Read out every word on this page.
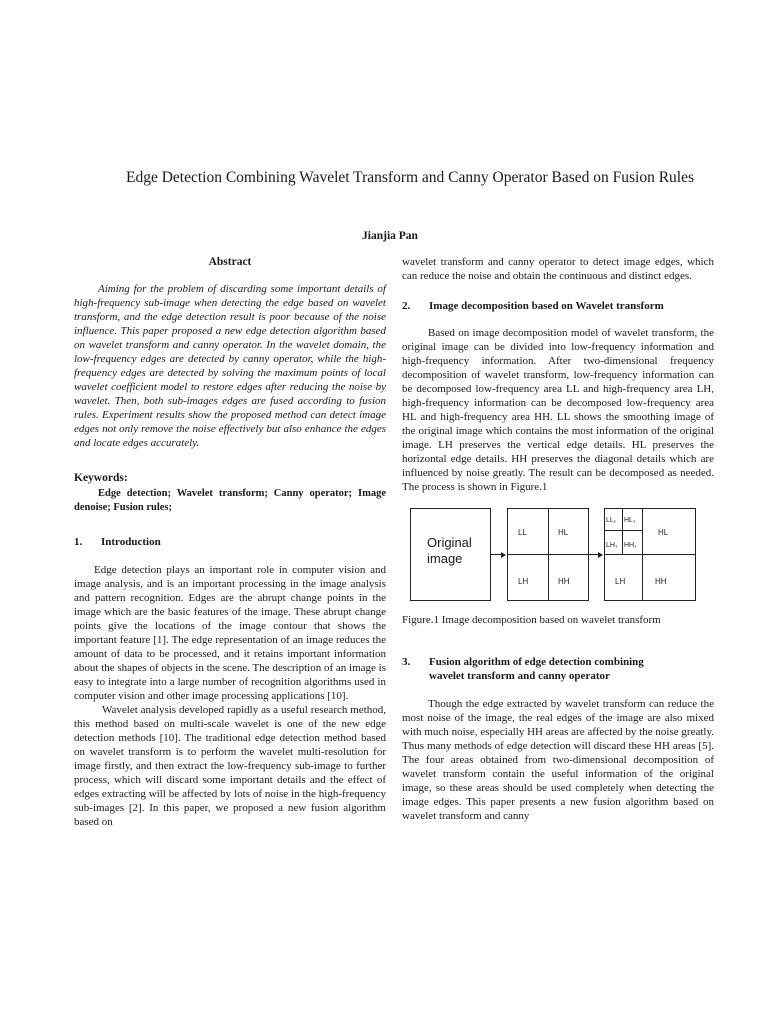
Edge Detection Combining Wavelet Transform and Canny Operator Based on Fusion Rules
Jianjia Pan

Abstract

Aiming for the problem of discarding some important details of high-frequency sub-image when detecting the edge based on wavelet transform, and the edge detection result is poor because of the noise influence. This paper proposed a new edge detection algorithm based on wavelet transform and canny operator. In the wavelet domain, the low-frequency edges are detected by canny operator, while the high-frequency edges are detected by solving the maximum points of local wavelet coefficient model to restore edges after reducing the noise by wavelet. Then, both sub-images edges are fused according to fusion rules. Experiment results show the proposed method can detect image edges not only remove the noise effectively but also enhance the edges and locate edges accurately.

Keywords:

Edge detection; Wavelet transform; Canny operator; Image denoise; Fusion rules;

1.	Introduction

Edge detection plays an important role in computer vision and image analysis, and is an important processing in the image analysis and pattern recognition. Edges are the abrupt change points in the image which are the basic features of the image. These abrupt change points give the locations of the image contour that shows the important feature [1]. The edge representation of an image reduces the amount of data to be processed, and it retains important information about the shapes of objects in the scene. The description of an image is easy to integrate into a large number of recognition algorithms used in computer vision and other image processing applications [10].

Wavelet analysis developed rapidly as a useful research method, this method based on multi-scale wavelet is one of the new edge detection methods [10]. The traditional edge detection method based on wavelet transform is to perform the wavelet multi-resolution for image firstly, and then extract the low-frequency sub-image to further process, which will discard some important details and the effect of edges extracting will be affected by lots of noise in the high-frequency sub-images [2]. In this paper, we proposed a new fusion algorithm based on

wavelet transform and canny operator to detect image edges, which can reduce the noise and obtain the continuous and distinct edges.

2.	Image decomposition based on Wavelet transform

Based on image decomposition model of wavelet transform, the original image can be divided into low-frequency information and high-frequency information. After two-dimensional frequency decomposition of wavelet transform, low-frequency information can be decomposed low-frequency area LL and high-frequency area LH, high-frequency information can be decomposed low-frequency area HL and high-frequency area HH. LL shows the smoothing image of the original image which contains the most information of the original image. LH preserves the vertical edge details. HL preserves the horizontal edge details. HH preserves the diagonal details which are influenced by noise greatly. The result can be decomposed as needed. The process is shown in Figure.1

Original
image
LL	HL
LH	HH
LL₁ HL₁
LH₁ HH₁
HL
LH	HH

Figure.1 Image decomposition based on wavelet transform

3.	Fusion algorithm of edge detection combining
wavelet transform and canny operator

Though the edge extracted by wavelet transform can reduce the most noise of the image, the real edges of the image are also mixed with much noise, especially HH areas are affected by the noise greatly. Thus many methods of edge detection will discard these HH areas [5]. The four areas obtained from two-dimensional decomposition of wavelet transform contain the useful information of the original image, so these areas should be used completely when detecting the image edges. This paper presents a new fusion algorithm based on wavelet transform and canny
